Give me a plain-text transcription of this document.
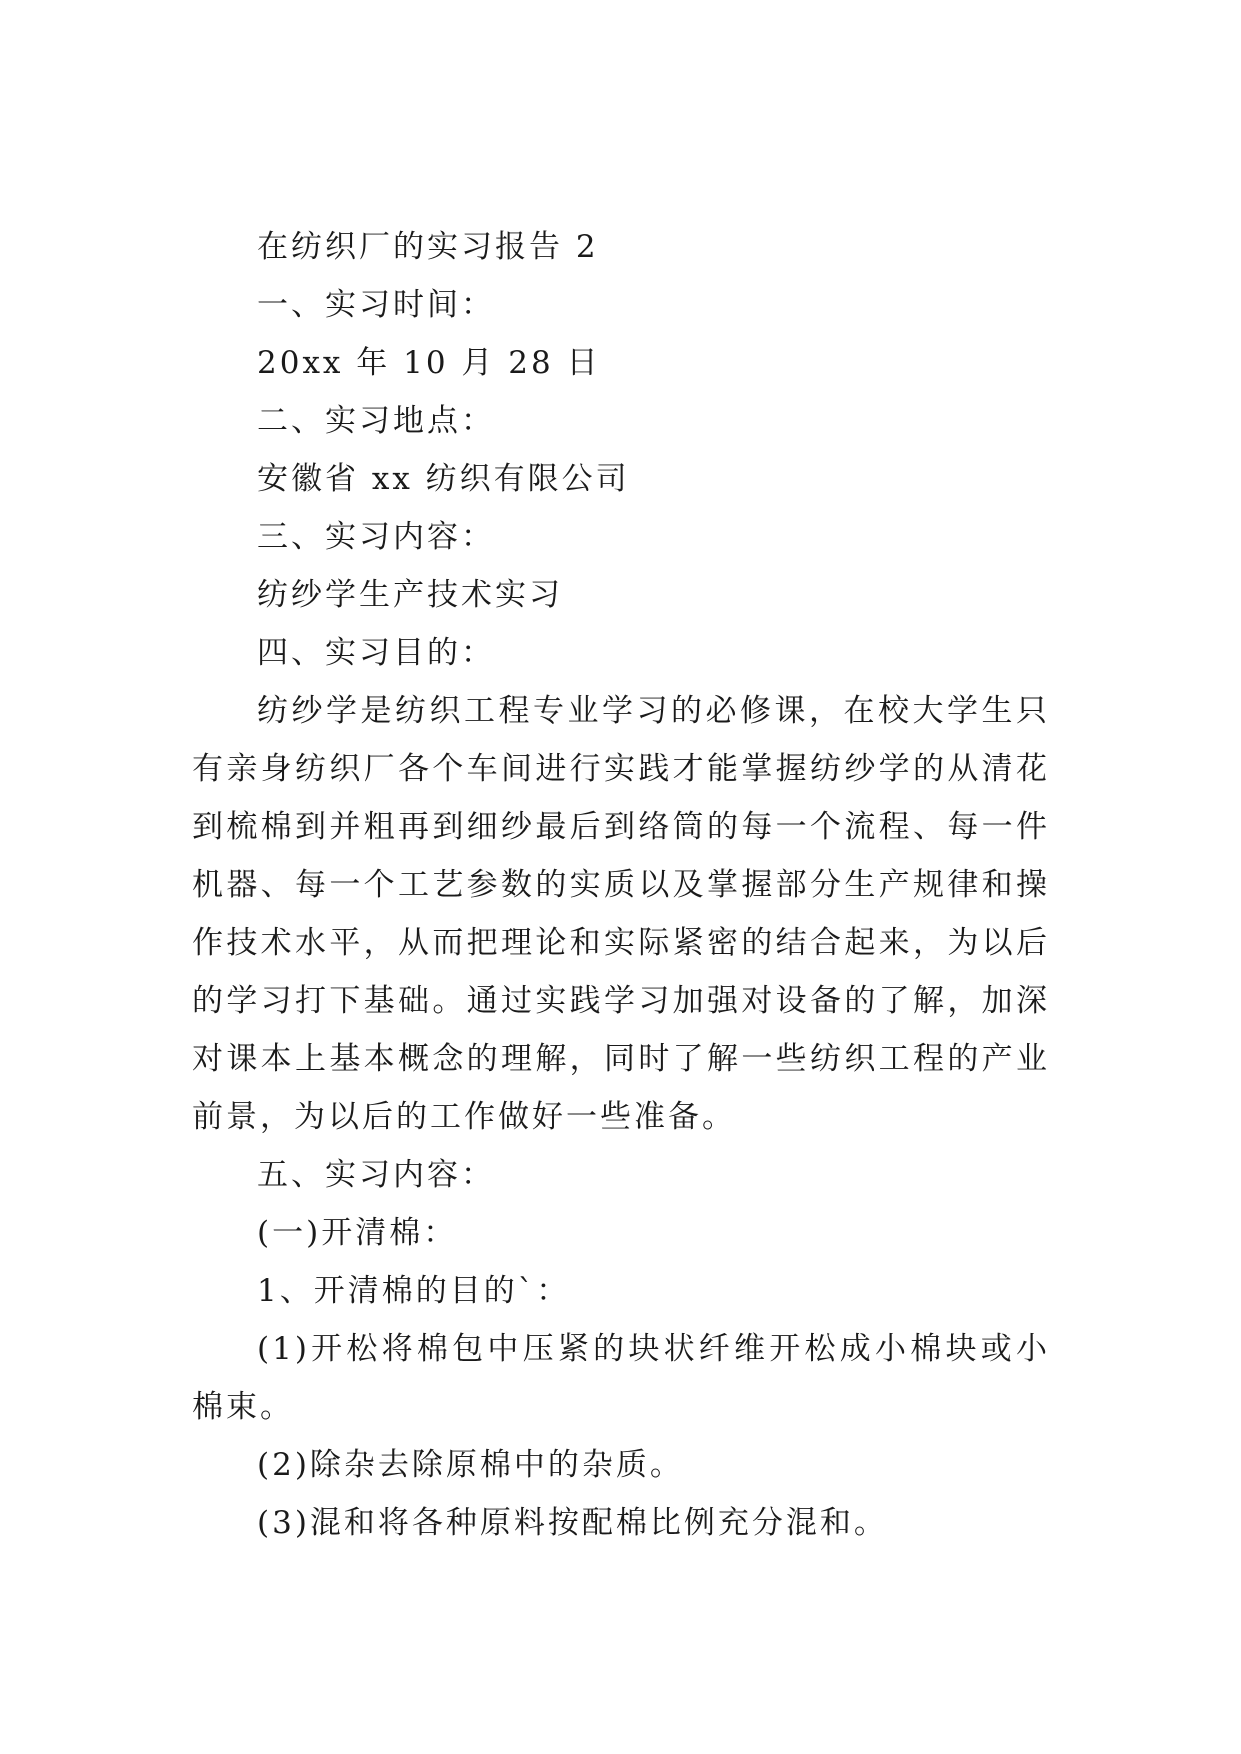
在纺织厂的实习报告 2

一、实习时间：

20xx 年 10 月 28 日

二、实习地点：

安徽省 xx 纺织有限公司

三、实习内容：

纺纱学生产技术实习

四、实习目的：

纺纱学是纺织工程专业学习的必修课，在校大学生只有亲身纺织厂各个车间进行实践才能掌握纺纱学的从清花到梳棉到并粗再到细纱最后到络筒的每一个流程、每一件机器、每一个工艺参数的实质以及掌握部分生产规律和操作技术水平，从而把理论和实际紧密的结合起来，为以后的学习打下基础。通过实践学习加强对设备的了解，加深对课本上基本概念的理解，同时了解一些纺织工程的产业前景，为以后的工作做好一些准备。

五、实习内容：

(一)开清棉：

1、开清棉的目的`：

(1)开松将棉包中压紧的块状纤维开松成小棉块或小棉束。

(2)除杂去除原棉中的杂质。

(3)混和将各种原料按配棉比例充分混和。
